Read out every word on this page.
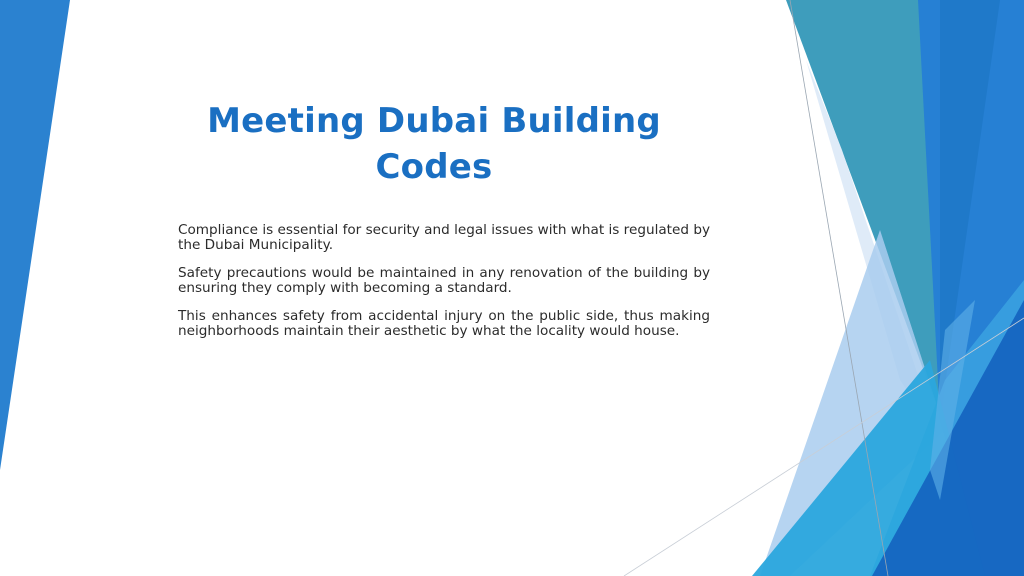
Meeting Dubai Building Codes

Compliance is essential for security and legal issues with what is regulated by the Dubai Municipality.

Safety precautions would be maintained in any renovation of the building by ensuring they comply with becoming a standard.

This enhances safety from accidental injury on the public side, thus making neighborhoods maintain their aesthetic by what the locality would house.
